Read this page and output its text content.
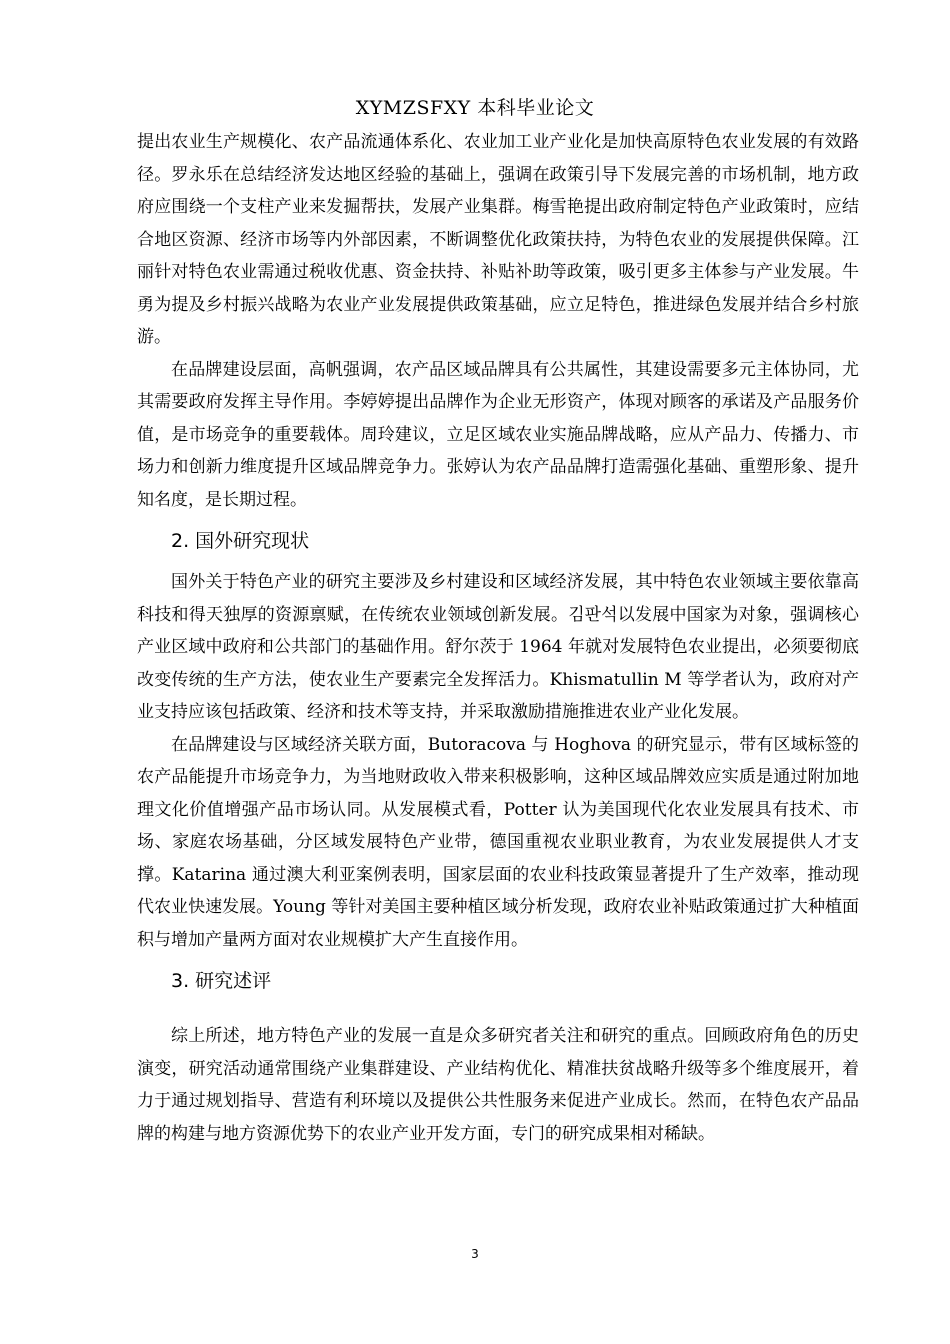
XYMZSFXY 本科毕业论文

提出农业生产规模化、农产品流通体系化、农业加工业产业化是加快高原特色农业发展的有效路径。罗永乐在总结经济发达地区经验的基础上，强调在政策引导下发展完善的市场机制，地方政府应围绕一个支柱产业来发掘帮扶，发展产业集群。梅雪艳提出政府制定特色产业政策时，应结合地区资源、经济市场等内外部因素，不断调整优化政策扶持，为特色农业的发展提供保障。江丽针对特色农业需通过税收优惠、资金扶持、补贴补助等政策，吸引更多主体参与产业发展。牛勇为提及乡村振兴战略为农业产业发展提供政策基础，应立足特色，推进绿色发展并结合乡村旅游。

在品牌建设层面，高帆强调，农产品区域品牌具有公共属性，其建设需要多元主体协同，尤其需要政府发挥主导作用。李婷婷提出品牌作为企业无形资产，体现对顾客的承诺及产品服务价值，是市场竞争的重要载体。周玲建议，立足区域农业实施品牌战略，应从产品力、传播力、市场力和创新力维度提升区域品牌竞争力。张婷认为农产品品牌打造需强化基础、重塑形象、提升知名度，是长期过程。

2. 国外研究现状

国外关于特色产业的研究主要涉及乡村建设和区域经济发展，其中特色农业领域主要依靠高科技和得天独厚的资源禀赋，在传统农业领域创新发展。김판석以发展中国家为对象，强调核心产业区域中政府和公共部门的基础作用。舒尔茨于 1964 年就对发展特色农业提出，必须要彻底改变传统的生产方法，使农业生产要素完全发挥活力。Khismatullin M 等学者认为，政府对产业支持应该包括政策、经济和技术等支持，并采取激励措施推进农业产业化发展。

在品牌建设与区域经济关联方面，Butoracova 与 Hoghova 的研究显示，带有区域标签的农产品能提升市场竞争力，为当地财政收入带来积极影响，这种区域品牌效应实质是通过附加地理文化价值增强产品市场认同。从发展模式看，Potter 认为美国现代化农业发展具有技术、市场、家庭农场基础，分区域发展特色产业带，德国重视农业职业教育，为农业发展提供人才支撑。Katarina 通过澳大利亚案例表明，国家层面的农业科技政策显著提升了生产效率，推动现代农业快速发展。Young 等针对美国主要种植区域分析发现，政府农业补贴政策通过扩大种植面积与增加产量两方面对农业规模扩大产生直接作用。

3. 研究述评

综上所述，地方特色产业的发展一直是众多研究者关注和研究的重点。回顾政府角色的历史演变，研究活动通常围绕产业集群建设、产业结构优化、精准扶贫战略升级等多个维度展开，着力于通过规划指导、营造有利环境以及提供公共性服务来促进产业成长。然而，在特色农产品品牌的构建与地方资源优势下的农业产业开发方面，专门的研究成果相对稀缺。

3
